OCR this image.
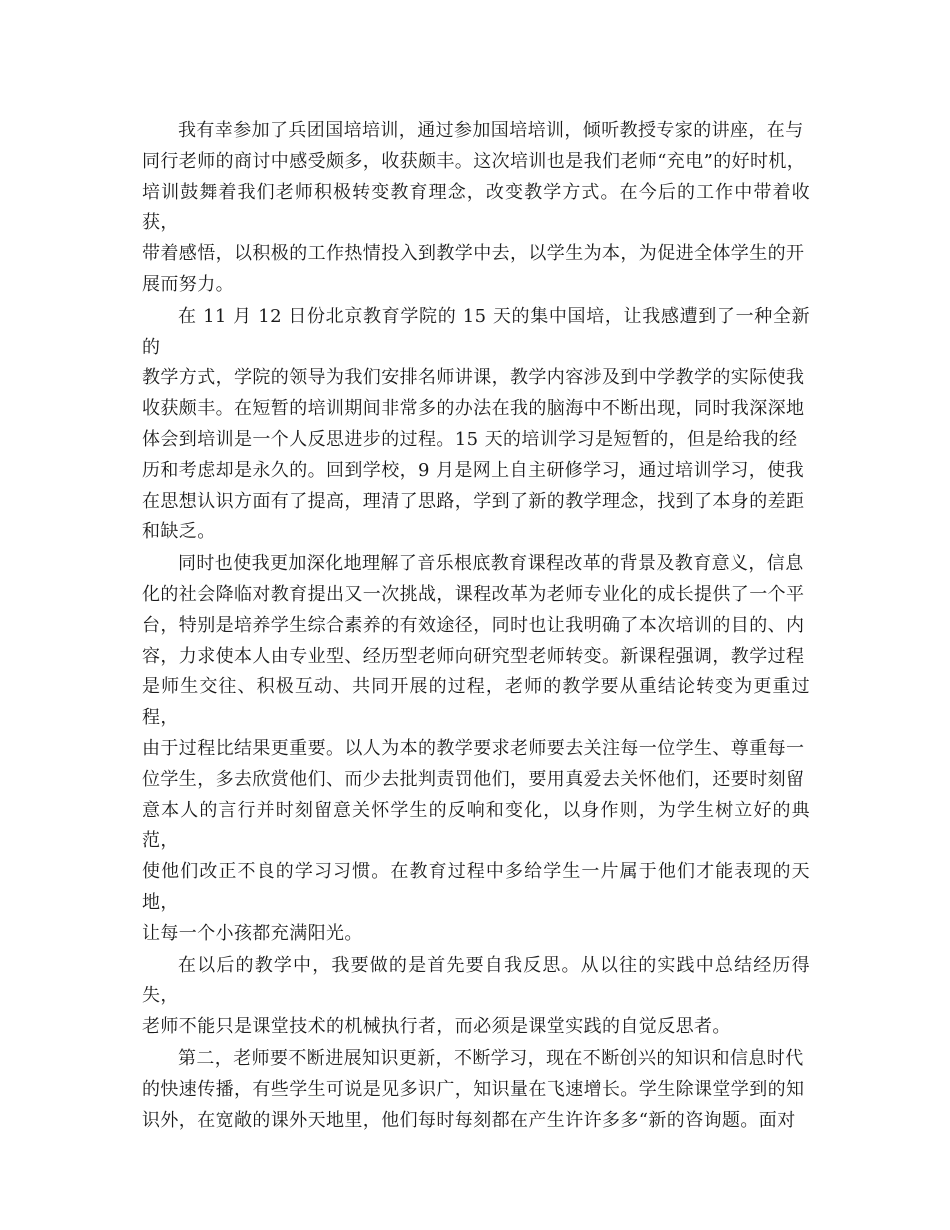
我有幸参加了兵团国培培训，通过参加国培培训，倾听教授专家的讲座，在与
同行老师的商讨中感受颇多，收获颇丰。这次培训也是我们老师“充电”的好时机，
培训鼓舞着我们老师积极转变教育理念，改变教学方式。在今后的工作中带着收获，
带着感悟，以积极的工作热情投入到教学中去，以学生为本，为促进全体学生的开
展而努力。

在 11 月 12 日份北京教育学院的 15 天的集中国培，让我感遭到了一种全新的
教学方式，学院的领导为我们安排名师讲课，教学内容涉及到中学教学的实际使我
收获颇丰。在短暂的培训期间非常多的办法在我的脑海中不断出现，同时我深深地
体会到培训是一个人反思进步的过程。15 天的培训学习是短暂的，但是给我的经
历和考虑却是永久的。回到学校，9 月是网上自主研修学习，通过培训学习，使我
在思想认识方面有了提高，理清了思路，学到了新的教学理念，找到了本身的差距
和缺乏。

同时也使我更加深化地理解了音乐根底教育课程改革的背景及教育意义，信息
化的社会降临对教育提出又一次挑战，课程改革为老师专业化的成长提供了一个平
台，特别是培养学生综合素养的有效途径，同时也让我明确了本次培训的目的、内
容，力求使本人由专业型、经历型老师向研究型老师转变。新课程强调，教学过程
是师生交往、积极互动、共同开展的过程，老师的教学要从重结论转变为更重过程，
由于过程比结果更重要。以人为本的教学要求老师要去关注每一位学生、尊重每一
位学生，多去欣赏他们、而少去批判责罚他们，要用真爱去关怀他们，还要时刻留
意本人的言行并时刻留意关怀学生的反响和变化，以身作则，为学生树立好的典范，
使他们改正不良的学习习惯。在教育过程中多给学生一片属于他们才能表现的天地，
让每一个小孩都充满阳光。

在以后的教学中，我要做的是首先要自我反思。从以往的实践中总结经历得失，
老师不能只是课堂技术的机械执行者，而必须是课堂实践的自觉反思者。

第二，老师要不断进展知识更新，不断学习，现在不断创兴的知识和信息时代
的快速传播，有些学生可说是见多识广，知识量在飞速增长。学生除课堂学到的知
识外，在宽敞的课外天地里，他们每时每刻都在产生许许多多“新的咨询题。面对
